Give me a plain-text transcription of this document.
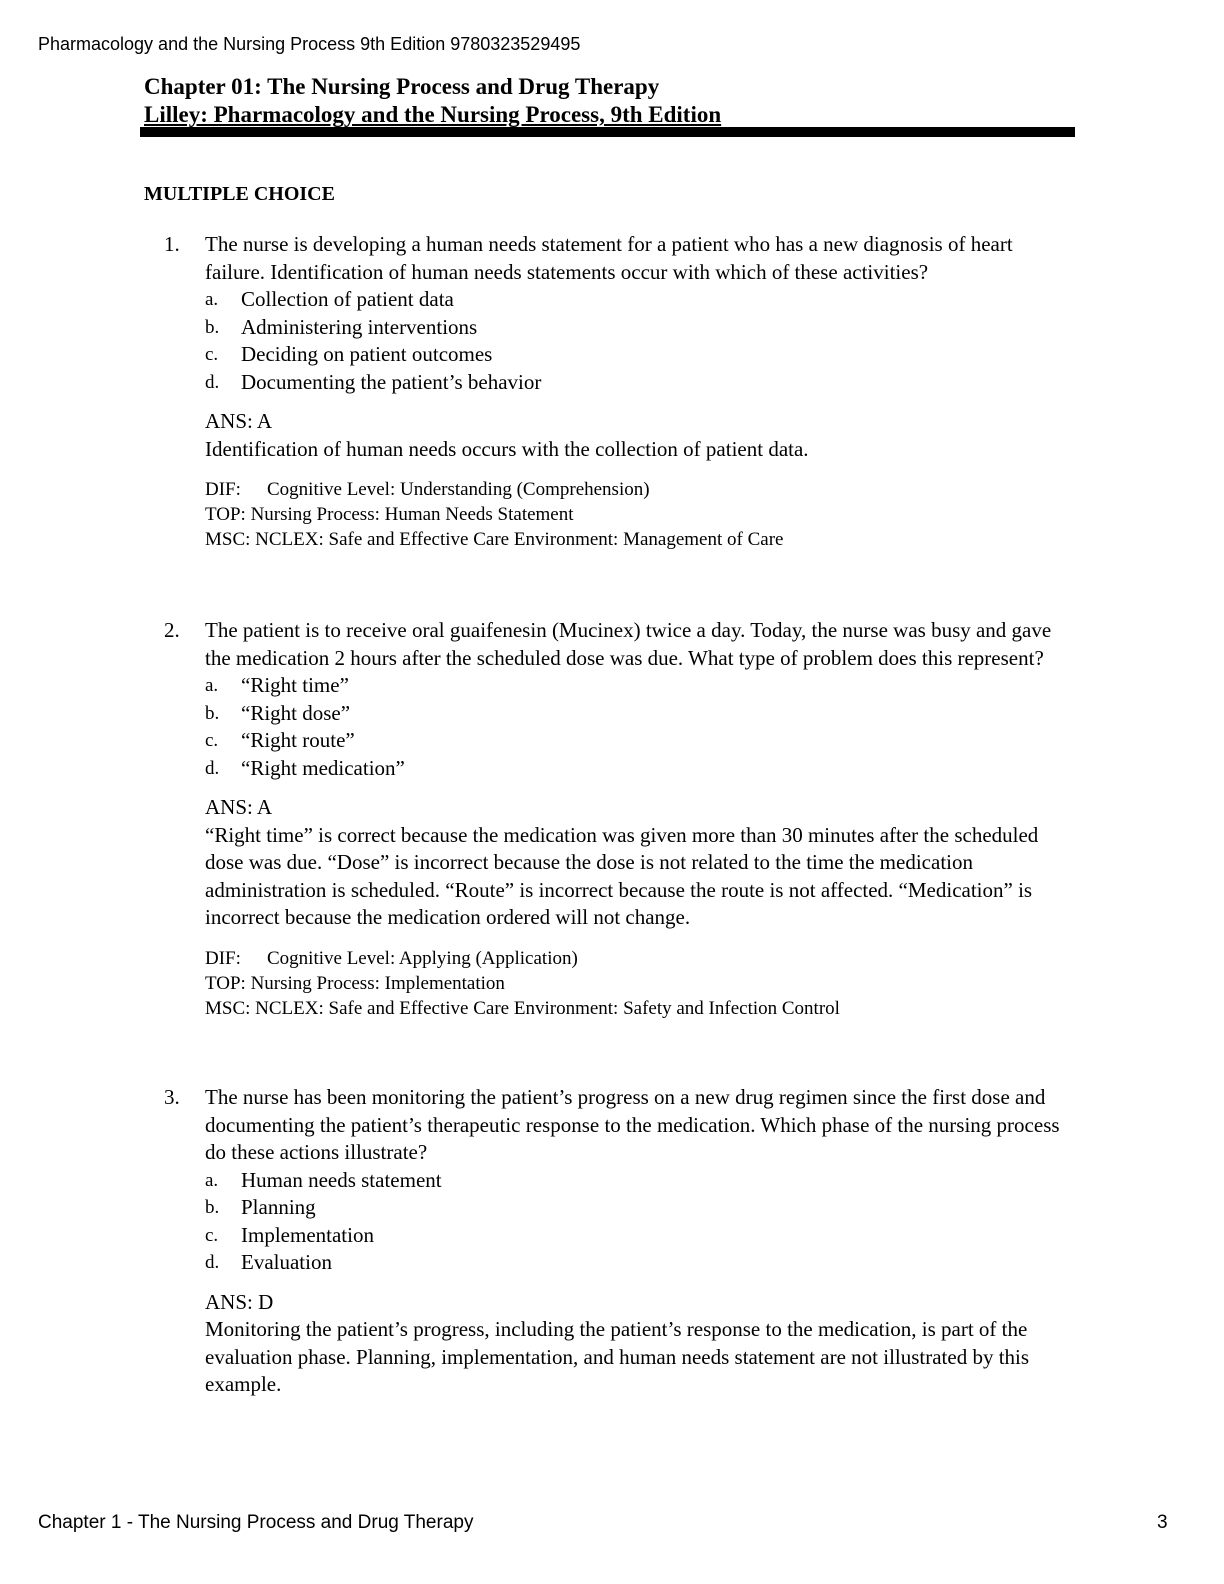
Pharmacology and the Nursing Process 9th Edition 9780323529495
Chapter 01: The Nursing Process and Drug Therapy
Lilley: Pharmacology and the Nursing Process, 9th Edition
MULTIPLE CHOICE
1.	The nurse is developing a human needs statement for a patient who has a new diagnosis of heart failure. Identification of human needs statements occur with which of these activities?
a.	Collection of patient data
b.	Administering interventions
c.	Deciding on patient outcomes
d.	Documenting the patient’s behavior
ANS: A
Identification of human needs occurs with the collection of patient data.
DIF: Cognitive Level: Understanding (Comprehension)
TOP: Nursing Process: Human Needs Statement
MSC: NCLEX: Safe and Effective Care Environment: Management of Care
2.	The patient is to receive oral guaifenesin (Mucinex) twice a day. Today, the nurse was busy and gave the medication 2 hours after the scheduled dose was due. What type of problem does this represent?
a.	“Right time”
b.	“Right dose”
c.	“Right route”
d.	“Right medication”
ANS: A
“Right time” is correct because the medication was given more than 30 minutes after the scheduled dose was due. “Dose” is incorrect because the dose is not related to the time the medication administration is scheduled. “Route” is incorrect because the route is not affected. “Medication” is incorrect because the medication ordered will not change.
DIF: Cognitive Level: Applying (Application)
TOP: Nursing Process: Implementation
MSC: NCLEX: Safe and Effective Care Environment: Safety and Infection Control
3.	The nurse has been monitoring the patient’s progress on a new drug regimen since the first dose and documenting the patient’s therapeutic response to the medication. Which phase of the nursing process do these actions illustrate?
a.	Human needs statement
b.	Planning
c.	Implementation
d.	Evaluation
ANS: D
Monitoring the patient’s progress, including the patient’s response to the medication, is part of the evaluation phase. Planning, implementation, and human needs statement are not illustrated by this example.
Chapter 1 - The Nursing Process and Drug Therapy	3
